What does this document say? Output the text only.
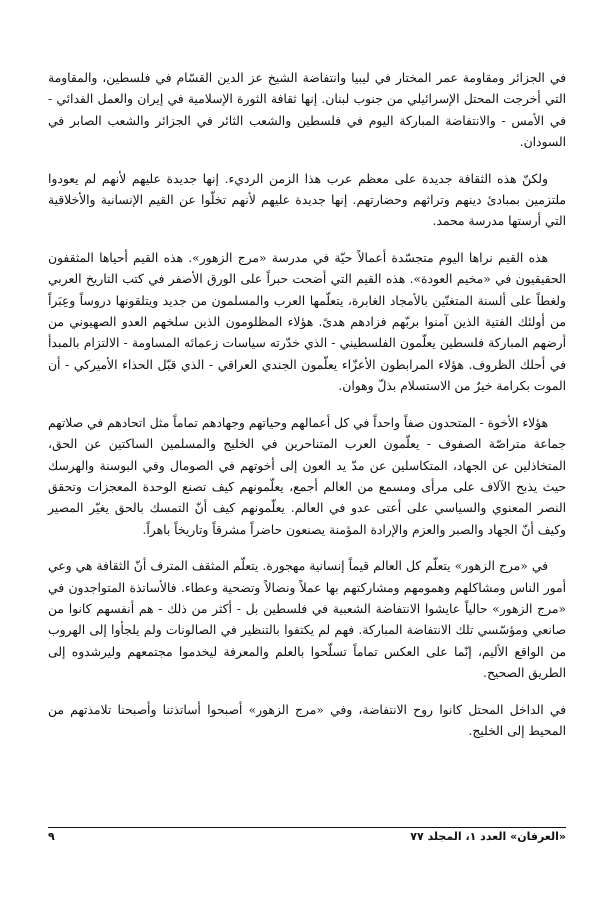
في الجزائر ومقاومة عمر المختار في ليبيا وانتفاضة الشيخ عز الدين القسّام في فلسطين، والمقاومة التي أخرجت المحتل الإسرائيلي من جنوب لبنان. إنها ثقافة الثورة الإسلامية في إيران والعمل الفدائي - في الأمس - والانتفاضة المباركة اليوم في فلسطين والشعب الثائر في الجزائر والشعب الصابر في السودان.

ولكنّ هذه الثقافة جديدة على معظم عرب هذا الزمن الرديء. إنها جديدة عليهم لأنهم لم يعودوا ملتزمين بمبادئ دينهم وتراثهم وحضارتهم. إنها جديدة عليهم لأنهم تخلّوا عن القيم الإنسانية والأخلاقية التي أرستها مدرسة محمد.

هذه القيم نراها اليوم متجسّدة أعمالاً حيّة في مدرسة «مرج الزهور». هذه القيم أحياها المثقفون الحقيقيون في «مخيم العودة». هذه القيم التي أضحت حبراً على الورق الأصفر في كتب التاريخ العربي ولغطاً على ألسنة المتغنّين بالأمجاد الغابرة، يتعلّمها العرب والمسلمون من جديد ويتلقونها دروساً وعِبَراً من أولئك الفتية الذين آمنوا بربّهم فزادهم هدىً. هؤلاء المظلومون الذين سلخهم العدو الصهيوني من أرضهم المباركة فلسطين يعلّمون الفلسطيني - الذي خدّرته سياسات زعمائه المساومة - الالتزام بالمبدأ في أحلك الظروف. هؤلاء المرابطون الأعزّاء يعلّمون الجندي العراقي - الذي قبّل الحذاء الأميركي - أن الموت بكرامة خيرٌ من الاستسلام بذلّ وهوان.

هؤلاء الأخوة - المتحدون صفاً واحداً في كل أعمالهم وحياتهم وجهادهم تماماً مثل اتحادهم في صلاتهم جماعة متراصّة الصفوف - يعلّمون العرب المتناحرين في الخليج والمسلمين الساكتين عن الحق، المتخاذلين عن الجهاد، المتكاسلين عن مدّ يد العون إلى أخوتهم في الصومال وفي البوسنة والهرسك حيث يذبح الآلاف على مرأى ومسمع من العالم أجمع، يعلّمونهم كيف تصنع الوحدة المعجزات وتحقق النصر المعنوي والسياسي على أعتى عدو في العالم. يعلّمونهم كيف أنّ التمسك بالحق يغيّر المصير وكيف أنّ الجهاد والصبر والعزم والإرادة المؤمنة يصنعون حاضراً مشرقاً وتاريخاً باهراً.

في «مرج الزهور» يتعلّم كل العالم قيماً إنسانية مهجورة. يتعلّم المثقف المترف أنّ الثقافة هي وعي أمور الناس ومشاكلهم وهمومهم ومشاركتهم بها عملاً ونضالاً وتضحية وعطاء. فالأساتذة المتواجدون في «مرج الزهور» حالياً عايشوا الانتفاضة الشعبية في فلسطين بل - أكثر من ذلك - هم أنفسهم كانوا من صانعي ومؤسّسي تلك الانتفاضة المباركة. فهم لم يكتفوا بالتنظير في الصالونات ولم يلجأوا إلى الهروب من الواقع الأليم، إنّما على العكس تماماً تسلّحوا بالعلم والمعرفة ليخدموا مجتمعهم وليرشدوه إلى الطريق الصحيح.

في الداخل المحتل كانوا روح الانتفاضة، وفي «مرج الزهور» أصبحوا أساتذتنا وأصبحنا تلامذتهم من المحيط إلى الخليج.

«العرفان» العدد ١، المجلد ٧٧
٩
